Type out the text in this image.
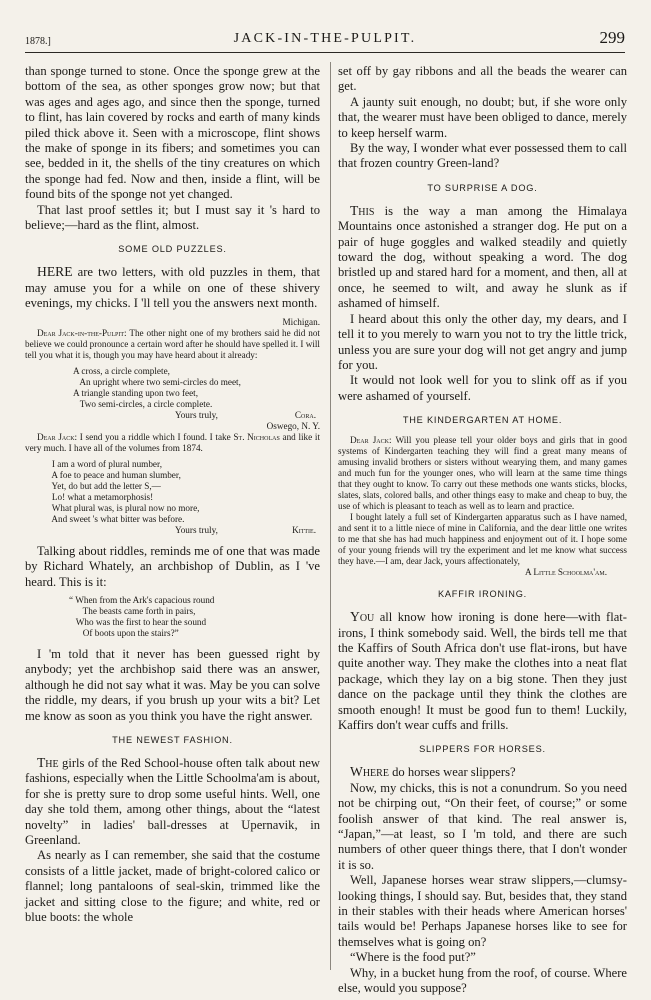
1878.]	JACK-IN-THE-PULPIT.	299

than sponge turned to stone. Once the sponge grew at the bottom of the sea, as other sponges grow now; but that was ages and ages ago, and since then the sponge, turned to flint, has lain covered by rocks and earth of many kinds piled thick above it. Seen with a microscope, flint shows the make of sponge in its fibers; and sometimes you can see, bedded in it, the shells of the tiny creatures on which the sponge had fed. Now and then, inside a flint, will be found bits of the sponge not yet changed.

That last proof settles it; but I must say it 's hard to believe;—hard as the flint, almost.

SOME OLD PUZZLES.

HERE are two letters, with old puzzles in them, that may amuse you for a while on one of these shivery evenings, my chicks. I 'll tell you the answers next month.

Michigan.

Dear Jack-in-the-Pulpit: The other night one of my brothers said he did not believe we could pronounce a certain word after he should have spelled it. I will tell you what it is, though you may have heard about it already:

A cross, a circle complete,

An upright where two semi-circles do meet,

A triangle standing upon two feet,

Two semi-circles, a circle complete.

Yours truly,	Cora.

Oswego, N. Y.

Dear Jack: I send you a riddle which I found. I take St. Nicholas and like it very much. I have all of the volumes from 1874.

I am a word of plural number,

A foe to peace and human slumber,

Yet, do but add the letter S,—

Lo! what a metamorphosis!

What plural was, is plural now no more,

And sweet 's what bitter was before.

Yours truly,	Kittie.

Talking about riddles, reminds me of one that was made by Richard Whately, an archbishop of Dublin, as I 've heard. This is it:

“ When from the Ark's capacious round

The beasts came forth in pairs,

Who was the first to hear the sound

Of boots upon the stairs?”

I 'm told that it never has been guessed right by anybody; yet the archbishop said there was an answer, although he did not say what it was. May be you can solve the riddle, my dears, if you brush up your wits a bit? Let me know as soon as you think you have the right answer.

THE NEWEST FASHION.

The girls of the Red School-house often talk about new fashions, especially when the Little Schoolma'am is about, for she is pretty sure to drop some useful hints. Well, one day she told them, among other things, about the “latest novelty” in ladies' ball-dresses at Upernavik, in Greenland.

As nearly as I can remember, she said that the costume consists of a little jacket, made of bright-colored calico or flannel; long pantaloons of seal-skin, trimmed like the jacket and sitting close to the figure; and white, red or blue boots: the whole

set off by gay ribbons and all the beads the wearer can get.

A jaunty suit enough, no doubt; but, if she wore only that, the wearer must have been obliged to dance, merely to keep herself warm.

By the way, I wonder what ever possessed them to call that frozen country Green-land?

TO SURPRISE A DOG.

This is the way a man among the Himalaya Mountains once astonished a stranger dog. He put on a pair of huge goggles and walked steadily and quietly toward the dog, without speaking a word. The dog bristled up and stared hard for a moment, and then, all at once, he seemed to wilt, and away he slunk as if ashamed of himself.

I heard about this only the other day, my dears, and I tell it to you merely to warn you not to try the little trick, unless you are sure your dog will not get angry and jump for you.

It would not look well for you to slink off as if you were ashamed of yourself.

THE KINDERGARTEN AT HOME.

Dear Jack: Will you please tell your older boys and girls that in good systems of Kindergarten teaching they will find a great many means of amusing invalid brothers or sisters without wearying them, and many games and much fun for the younger ones, who will learn at the same time things that they ought to know. To carry out these methods one wants sticks, blocks, slates, slats, colored balls, and other things easy to make and cheap to buy, the use of which is pleasant to teach as well as to learn and practice.

I bought lately a full set of Kindergarten apparatus such as I have named, and sent it to a little niece of mine in California, and the dear little one writes to me that she has had much happiness and enjoyment out of it. I hope some of your young friends will try the experiment and let me know what success they have.—I am, dear Jack, yours affectionately,

A Little Schoolma'am.

KAFFIR IRONING.

You all know how ironing is done here—with flat-irons, I think somebody said. Well, the birds tell me that the Kaffirs of South Africa don't use flat-irons, but have quite another way. They make the clothes into a neat flat package, which they lay on a big stone. Then they just dance on the package until they think the clothes are smooth enough! It must be good fun to them! Luckily, Kaffirs don't wear cuffs and frills.

SLIPPERS FOR HORSES.

Where do horses wear slippers?

Now, my chicks, this is not a conundrum. So you need not be chirping out, “On their feet, of course;” or some foolish answer of that kind. The real answer is, “Japan,”—at least, so I 'm told, and there are such numbers of other queer things there, that I don't wonder it is so.

Well, Japanese horses wear straw slippers,—clumsy-looking things, I should say. But, besides that, they stand in their stables with their heads where American horses' tails would be! Perhaps Japanese horses like to see for themselves what is going on?

“Where is the food put?”

Why, in a bucket hung from the roof, of course. Where else, would you suppose?
